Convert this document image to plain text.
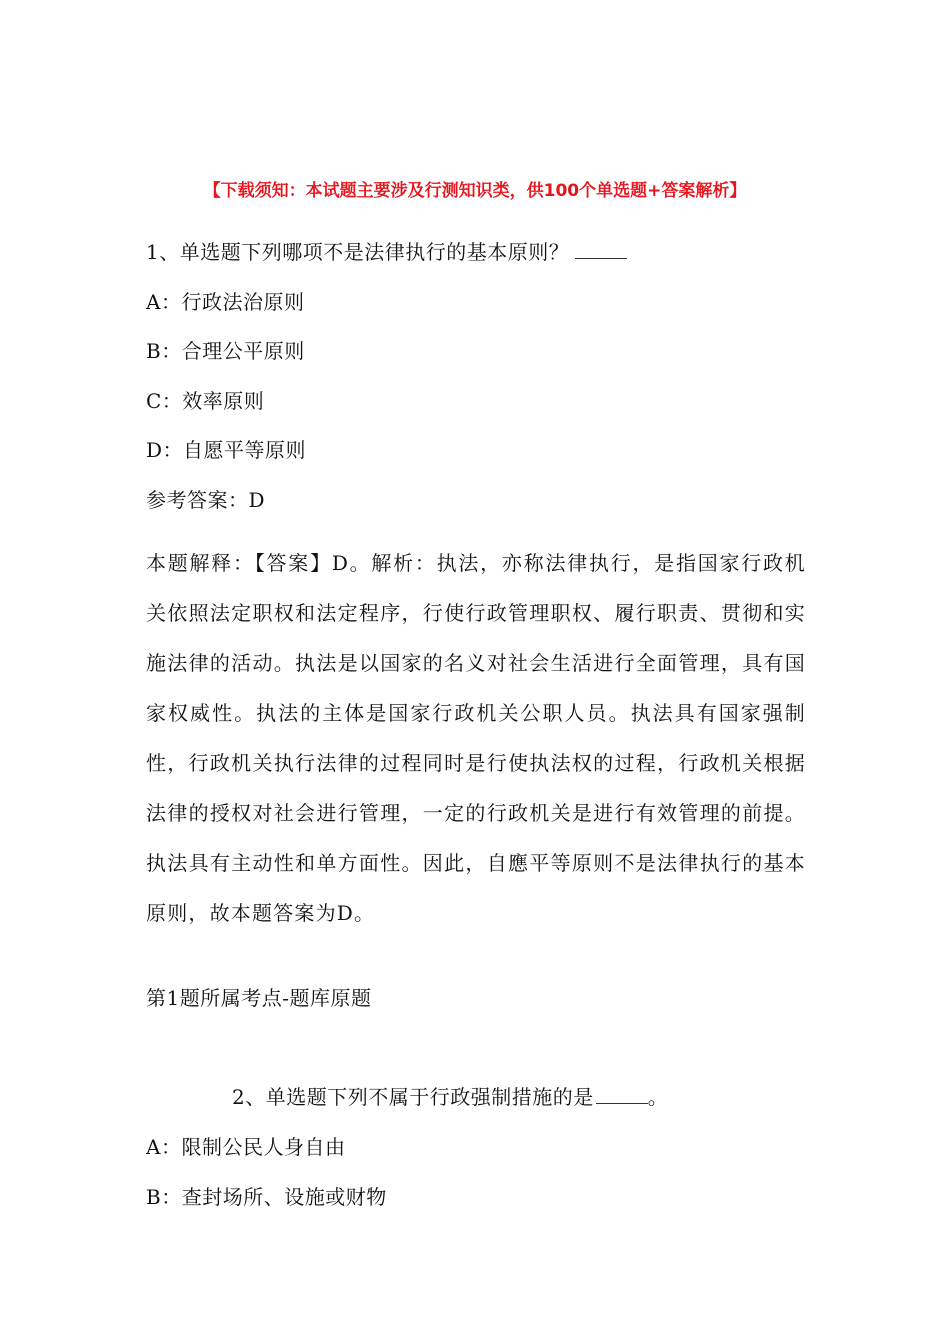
【下载须知：本试题主要涉及行测知识类，供100个单选题+答案解析】
1、单选题下列哪项不是法律执行的基本原则？
A：行政法治原则
B：合理公平原则
C：效率原则
D：自愿平等原则
参考答案：D

本题解释：【答案】D。解析：执法，亦称法律执行，是指国家行政机关依照法定职权和法定程序，行使行政管理职权、履行职责、贯彻和实施法律的活动。执法是以国家的名义对社会生活进行全面管理，具有国家权威性。执法的主体是国家行政机关公职人员。执法具有国家强制性，行政机关执行法律的过程同时是行使执法权的过程，行政机关根据法律的授权对社会进行管理，一定的行政机关是进行有效管理的前提。执法具有主动性和单方面性。因此，自應平等原则不是法律执行的基本原则，故本题答案为D。

第1题所属考点-题库原题
2、单选题下列不属于行政强制措施的是	。
A：限制公民人身自由
B：查封场所、设施或财物
